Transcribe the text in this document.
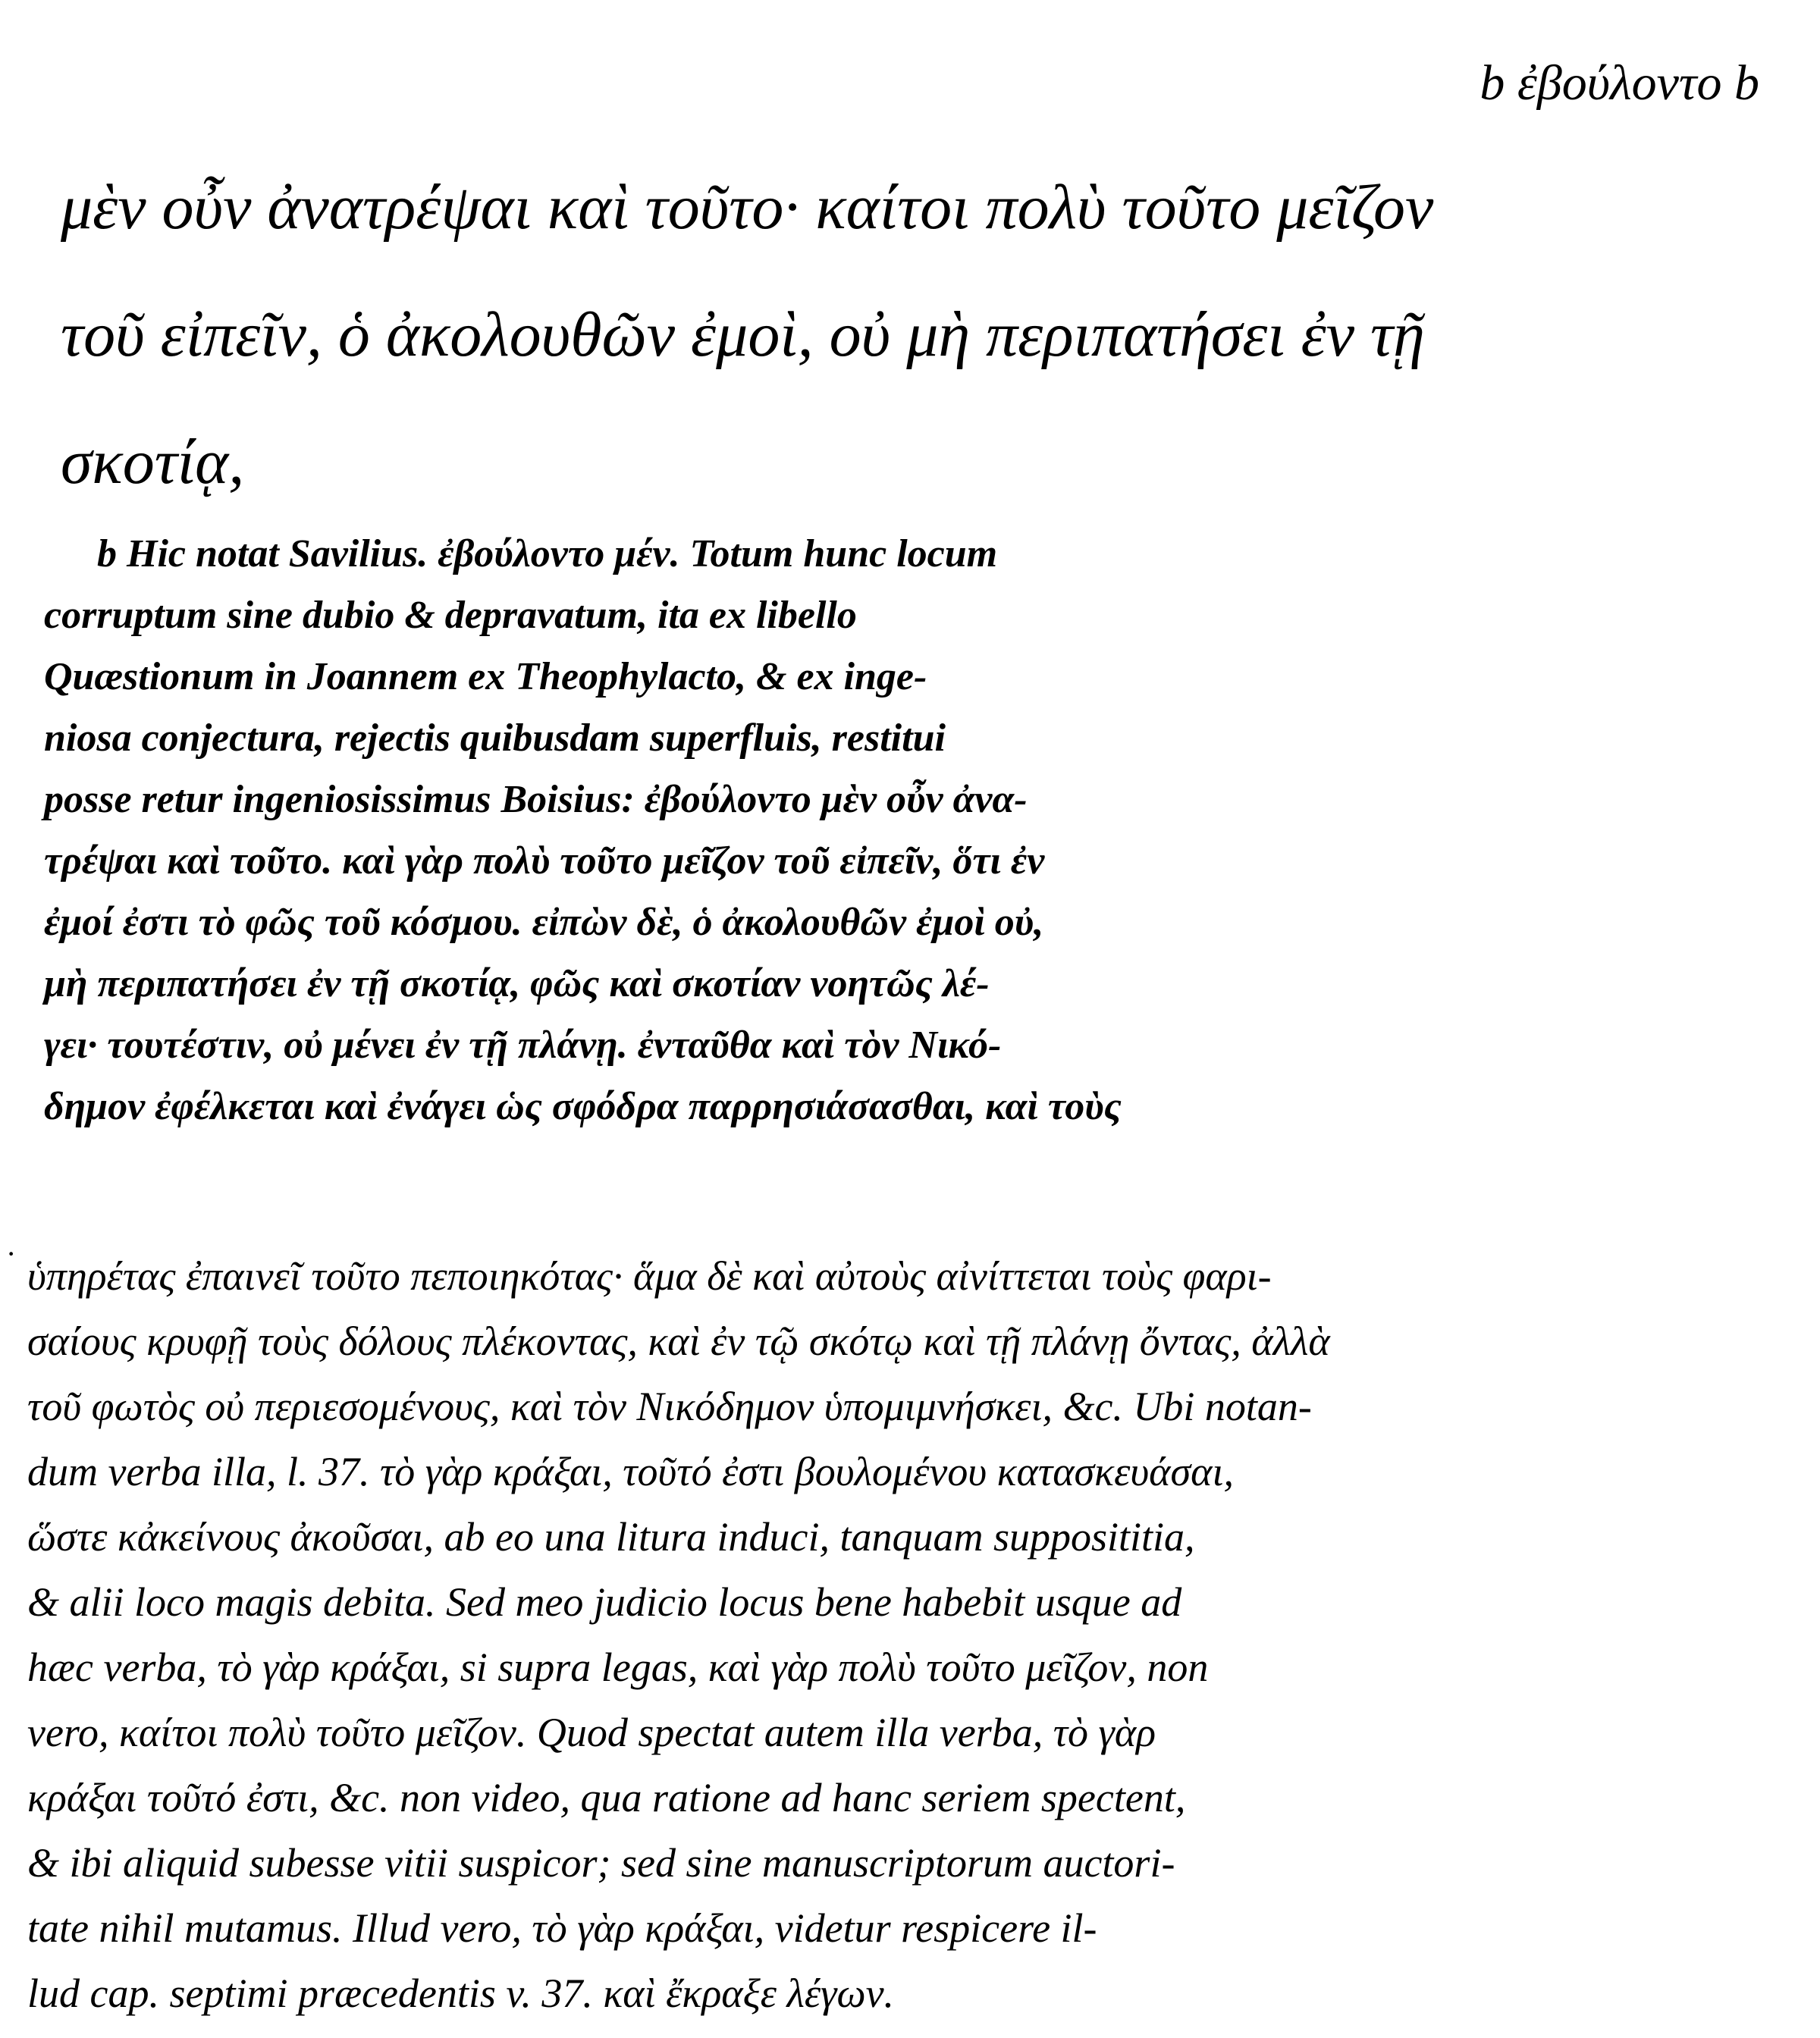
b ἐβούλοντο b
μὲν οὖν ἀνατρέψαι καὶ τοῦτο· καίτοι πολὺ τοῦτο μεῖζον
τοῦ εἰπεῖν, ὁ ἀκολουθῶν ἐμοὶ, οὐ μὴ περιπατήσει ἐν τῇ
σκοτίᾳ,
b Hic notat Savilius. ἐβούλοντο μέν. Totum hunc locum
corruptum sine dubio & depravatum, ita ex libello
Quæstionum in Joannem ex Theophylacto, & ex inge-
niosa conjectura, rejectis quibusdam superfluis, restitui
posse retur ingeniosissimus Boisius: ἐβούλοντο μὲν οὖν ἀνα-
τρέψαι καὶ τοῦτο. καὶ γὰρ πολὺ τοῦτο μεῖζον τοῦ εἰπεῖν, ὅτι ἐν
ἐμοί ἐστι τὸ φῶς τοῦ κόσμου. εἰπὼν δὲ, ὁ ἀκολουθῶν ἐμοὶ οὐ,
μὴ περιπατήσει ἐν τῇ σκοτίᾳ, φῶς καὶ σκοτίαν νοητῶς λέ-
γει· τουτέστιν, οὐ μένει ἐν τῇ πλάνῃ. ἐνταῦθα καὶ τὸν Νικό-
δημον ἐφέλκεται καὶ ἐνάγει ὡς σφόδρα παρρησιάσασθαι, καὶ τοὺς
· ὑπηρέτας ἐπαινεῖ τοῦτο πεποιηκότας· ἅμα δὲ καὶ αὐτοὺς αἰνίττεται τοὺς φαρι-
σαίους κρυφῇ τοὺς δόλους πλέκοντας, καὶ ἐν τῷ σκότῳ καὶ τῇ πλάνῃ ὄντας, ἀλλὰ
τοῦ φωτὸς οὐ περιεσομένους, καὶ τὸν Νικόδημον ὑπομιμνήσκει, &c. Ubi notan-
dum verba illa, l. 37. τὸ γὰρ κράξαι, τοῦτό ἐστι βουλομένου κατασκευάσαι,
ὥστε κἀκείνους ἀκοῦσαι, ab eo una litura induci, tanquam supposititia,
& alii loco magis debita. Sed meo judicio locus bene habebit usque ad
hæc verba, τὸ γὰρ κράξαι, si supra legas, καὶ γὰρ πολὺ τοῦτο μεῖζον, non
vero, καίτοι πολὺ τοῦτο μεῖζον. Quod spectat autem illa verba, τὸ γὰρ
κράξαι τοῦτό ἐστι, &c. non video, qua ratione ad hanc seriem spectent,
& ibi aliquid subesse vitii suspicor; sed sine manuscriptorum auctori-
tate nihil mutamus. Illud vero, τὸ γὰρ κράξαι, videtur respicere il-
lud cap. septimi præcedentis v. 37. καὶ ἔκραξε λέγων.
